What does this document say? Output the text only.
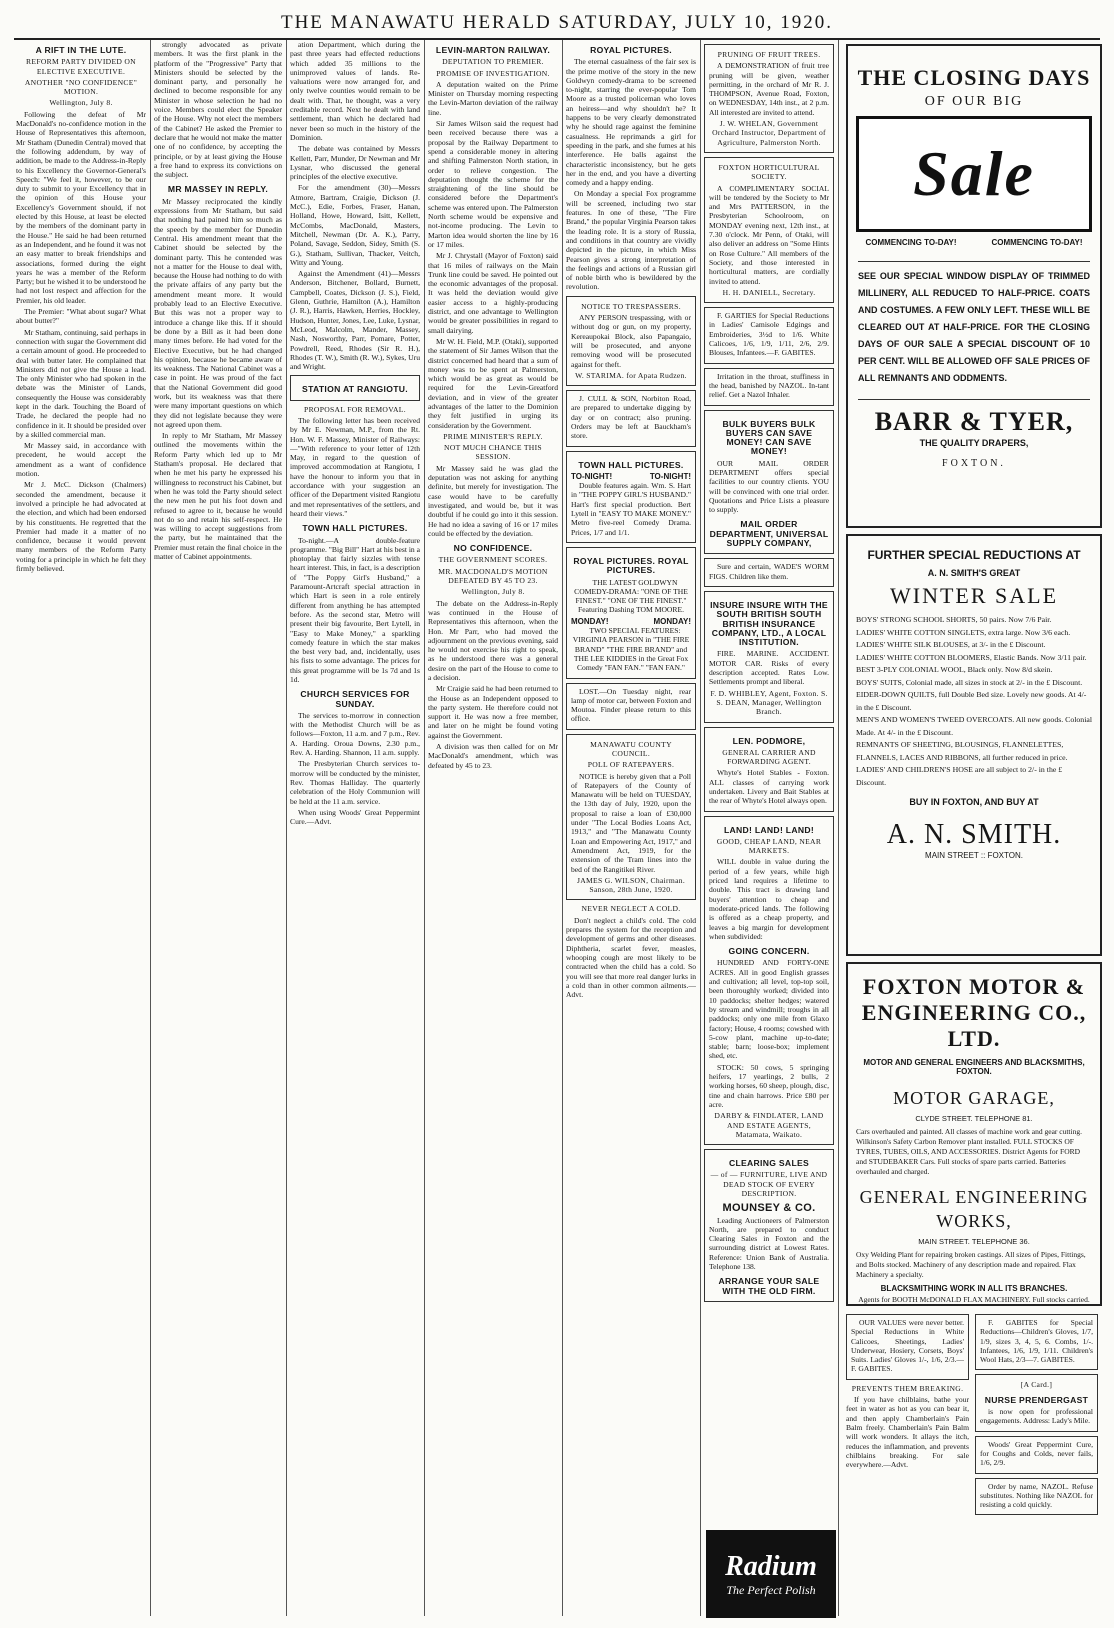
THE MANAWATU HERALD SATURDAY, JULY 10, 1920.
A RIFT IN THE LUTE.
REFORM PARTY DIVIDED ON ELECTIVE EXECUTIVE.
ANOTHER "NO CONFIDENCE" MOTION.
Wellington, July 8.

Following the defeat of Mr MacDonald's no-confidence motion in the House of Representatives this afternoon, Mr Statham (Dunedin Central) moved that the following addendum, by way of addition, be made to the Address-in-Reply to his Excellency the Governor-General's Speech: "We feel it, however, to be our duty to submit to your Excellency that in the opinion of this House your Excellency's Government should, if not elected by this House, at least be elected by the members of the dominant party in the House." He said he had been returned as an Independent, and he found it was not an easy matter to break friendships and associations, formed during the eight years he was a member of the Reform Party; but he wished it to be understood he had not lost respect and affection for the Premier, his old leader.

The Premier: "What about sugar? What about butter?"

Mr Statham, continuing, said perhaps in connection with sugar the Government did a certain amount of good. He proceeded to deal with butter later. He complained that Ministers did not give the House a lead. The only Minister who had spoken in the debate was the Minister of Lands, consequently the House was considerably kept in the dark. Touching the Board of Trade, he declared the people had no confidence in it. It should be presided over by a skilled commercial man.

Mr Massey said, in accordance with precedent, he would accept the amendment as a want of confidence motion.

Mr J. McC. Dickson (Chalmers) seconded the amendment, because it involved a principle he had advocated at the election, and which had been endorsed by his constituents. He regretted that the Premier had made it a matter of no confidence, because it would prevent many members of the Reform Party voting for a principle in which he felt they firmly believed.

strongly advocated as private members. It was the first plank in the platform of the "Progressive" Party that Ministers should be selected by the dominant party, and personally he declined to become responsible for any Minister in whose selection he had no voice. Members could elect the Speaker of the House. Why not elect the members of the Cabinet? He asked the Premier to declare that he would not make the matter one of no confidence, by accepting the principle, or by at least giving the House a free hand to express its convictions on the subject.

MR MASSEY IN REPLY.

Mr Massey reciprocated the kindly expressions from Mr Statham, but said that nothing had pained him so much as the speech by the member for Dunedin Central. His amendment meant that the Cabinet should be selected by the dominant party. This he contended was not a matter for the House to deal with, because the House had nothing to do with the private affairs of any party but the amendment meant more. It would probably lead to an Elective Executive. But this was not a proper way to introduce a change like this. If it should be done by a Bill as it had been done many times before. He had voted for the Elective Executive, but he had changed his opinion, because he became aware of its weakness. The National Cabinet was a case in point. He was proud of the fact that the National Government did good work, but its weakness was that there were many important questions on which they did not legislate because they were not agreed upon them.

In reply to Mr Statham, Mr Massey outlined the movements within the Reform Party which led up to Mr Statham's proposal. He declared that when he met his party he expressed his willingness to reconstruct his Cabinet, but when he was told the Party should select the new men he put his foot down and refused to agree to it, because he would not do so and retain his self-respect. He was willing to accept suggestions from the party, but he maintained that the Premier must retain the final choice in the matter of Cabinet appointments.

ation Department, which during the past three years had effected reductions which added 35 millions to the unimproved values of lands. Re-valuations were now arranged for, and only twelve counties would remain to be dealt with. That, he thought, was a very creditable record. Next he dealt with land settlement, than which he declared had never been so much in the history of the Dominion.

The debate was contained by Messrs Kellett, Parr, Munder, Dr Newman and Mr Lysnar, who discussed the general principles of the elective executive.

For the amendment (30)—Messrs Atmore, Bartram, Craigie, Dickson (J. McC.), Edie, Forbes, Fraser, Hanan, Holland, Howe, Howard, Isitt, Kellett, McCombs, MacDonald, Masters, Mitchell, Newman (Dr. A. K.), Parry, Poland, Savage, Seddon, Sidey, Smith (S. G.), Statham, Sullivan, Thacker, Veitch, Witty and Young.

Against the Amendment (41)—Messrs Anderson, Bitchener, Bollard, Burnett, Campbell, Coates, Dickson (J. S.), Field, Glenn, Guthrie, Hamilton (A.), Hamilton (J. R.), Harris, Hawken, Herries, Hockley, Hudson, Hunter, Jones, Lee, Luke, Lysnar, McLeod, Malcolm, Mander, Massey, Nash, Nosworthy, Parr, Pomare, Potter, Powdrell, Reed, Rhodes (Sir R. H.), Rhodes (T. W.), Smith (R. W.), Sykes, Uru and Wright.

STATION AT RANGIOTU.
PROPOSAL FOR REMOVAL.

The following letter has been received by Mr E. Newman, M.P., from the Rt. Hon. W. F. Massey, Minister of Railways:—"With reference to your letter of 12th May, in regard to the question of improved accommodation at Rangiotu, I have the honour to inform you that in accordance with your suggestion an officer of the Department visited Rangiotu and met representatives of the settlers, and heard their views."

TOWN HALL PICTURES.

To-night.—A double-feature programme. "Big Bill" Hart at his best in a photoplay that fairly sizzles with tense heart interest. This, in fact, is a description of "The Poppy Girl's Husband," a Paramount-Artcraft special attraction in which Hart is seen in a role entirely different from anything he has attempted before. As the second star, Metro will present their big favourite, Bert Lytell, in "Easy to Make Money," a sparkling comedy feature in which the star makes the best very bad, and, incidentally, uses his fists to some advantage. The prices for this great programme will be 1s 7d and 1s 1d.

CHURCH SERVICES FOR SUNDAY.

The services to-morrow in connection with the Methodist Church will be as follows—Foxton, 11 a.m. and 7 p.m., Rev. A. Harding. Oroua Downs, 2.30 p.m., Rev. A. Harding. Shannon, 11 a.m. supply.

The Presbyterian Church services to-morrow will be conducted by the minister, Rev. Thomas Halliday. The quarterly celebration of the Holy Communion will be held at the 11 a.m. service.

When using Woods' Great Peppermint Cure.—Advt.

LEVIN-MARTON RAILWAY.
DEPUTATION TO PREMIER.
PROMISE OF INVESTIGATION.

A deputation waited on the Prime Minister on Thursday morning respecting the Levin-Marton deviation of the railway line.

Sir James Wilson said the request had been received because there was a proposal by the Railway Department to spend a considerable money in altering and shifting Palmerston North station, in order to relieve congestion. The deputation thought the scheme for the straightening of the line should be considered before the Department's scheme was entered upon. The Palmerston North scheme would be expensive and not-income producing. The Levin to Marton idea would shorten the line by 16 or 17 miles.

Mr J. Chrystall (Mayor of Foxton) said that 16 miles of railways on the Main Trunk line could be saved. He pointed out the economic advantages of the proposal. It was held the deviation would give easier access to a highly-producing district, and one advantage to Wellington would be greater possibilities in regard to small dairying.

Mr W. H. Field, M.P. (Otaki), supported the statement of Sir James Wilson that the district concerned had heard that a sum of money was to be spent at Palmerston, which would be as great as would be required for the Levin-Greatford deviation, and in view of the greater advantages of the latter to the Dominion they felt justified in urging its consideration by the Government.

PRIME MINISTER'S REPLY.
NOT MUCH CHANCE THIS SESSION.

Mr Massey said he was glad the deputation was not asking for anything definite, but merely for investigation. The case would have to be carefully investigated, and would be, but it was doubtful if he could go into it this session. He had no idea a saving of 16 or 17 miles could be effected by the deviation.

NO CONFIDENCE.
THE GOVERNMENT SCORES.
MR. MACDONALD'S MOTION DEFEATED BY 45 TO 23.
Wellington, July 8.

The debate on the Address-in-Reply was continued in the House of Representatives this afternoon, when the Hon. Mr Parr, who had moved the adjournment on the previous evening, said he would not exercise his right to speak, as he understood there was a general desire on the part of the House to come to a decision.

Mr Craigie said he had been returned to the House as an Independent opposed to the party system. He therefore could not support it. He was now a free member, and later on he might be found voting against the Government.

A division was then called for on Mr MacDonald's amendment, which was defeated by 45 to 23.

ROYAL PICTURES.

The eternal casualness of the fair sex is the prime motive of the story in the new Goldwyn comedy-drama to be screened to-night, starring the ever-popular Tom Moore as a trusted policeman who loves an heiress—and why shouldn't he? It happens to be very clearly demonstrated why he should rage against the feminine casualness. He reprimands a girl for speeding in the park, and she fumes at his interference. He balls against the characteristic inconsistency, but he gets her in the end, and you have a diverting comedy and a happy ending.

On Monday a special Fox programme will be screened, including two star features. In one of these, "The Fire Brand," the popular Virginia Pearson takes the leading role. It is a story of Russia, and conditions in that country are vividly depicted in the picture, in which Miss Pearson gives a strong interpretation of the feelings and actions of a Russian girl of noble birth who is bewildered by the revolution.

NOTICE TO TRESPASSERS.

ANY PERSON trespassing, with or without dog or gun, on my property, Kereaupokai Block, also Papangaio, will be prosecuted, and anyone removing wood will be prosecuted against for theft.

W. STARIMA. for Apata Rudzen.

J. CULL & SON, Norbiton Road, are prepared to undertake digging by day or on contract; also pruning. Orders may be left at Bauckham's store.

TOWN HALL PICTURES.
TO-NIGHT!	TO-NIGHT!

Double features again. Wm. S. Hart in "THE POPPY GIRL'S HUSBAND." Hart's first special production. Bert Lytell in "EASY TO MAKE MONEY." Metro five-reel Comedy Drama. Prices, 1/7 and 1/1.

ROYAL PICTURES. ROYAL PICTURES.

THE LATEST GOLDWYN COMEDY-DRAMA: "ONE OF THE FINEST." "ONE OF THE FINEST." Featuring Dashing TOM MOORE.

MONDAY!	MONDAY!

TWO SPECIAL FEATURES: VIRGINIA PEARSON in "THE FIRE BRAND" "THE FIRE BRAND" and THE LEE KIDDIES in the Great Fox Comedy "FAN FAN." "FAN FAN."

LOST.—On Tuesday night, rear lamp of motor car, between Foxton and Moutoa. Finder please return to this office.

MANAWATU COUNTY COUNCIL.
POLL OF RATEPAYERS.

NOTICE is hereby given that a Poll of Ratepayers of the County of Manawatu will be held on TUESDAY, the 13th day of July, 1920, upon the proposal to raise a loan of £30,000 under "The Local Bodies Loans Act, 1913," and "The Manawatu County Loan and Empowering Act, 1917," and Amendment Act, 1919, for the extension of the Tram lines into the bed of the Rangitikei River.

JAMES G. WILSON, Chairman. Sanson, 28th June, 1920.
NEVER NEGLECT A COLD.

Don't neglect a child's cold. The cold prepares the system for the reception and development of germs and other diseases. Diphtheria, scarlet fever, measles, whooping cough are most likely to be contracted when the child has a cold. So you will see that more real danger lurks in a cold than in other common ailments.—Advt.

PRUNING OF FRUIT TREES.

A DEMONSTRATION of fruit tree pruning will be given, weather permitting, in the orchard of Mr R. J. THOMPSON, Avenue Road, Foxton, on WEDNESDAY, 14th inst., at 2 p.m. All interested are invited to attend.

J. W. WHELAN, Government Orchard Instructor, Department of Agriculture, Palmerston North.
FOXTON HORTICULTURAL SOCIETY.

A COMPLIMENTARY SOCIAL will be tendered by the Society to Mr and Mrs PATTERSON, in the Presbyterian Schoolroom, on MONDAY evening next, 12th inst., at 7.30 o'clock. Mr Penn, of Otaki, will also deliver an address on "Some Hints on Rose Culture." All members of the Society, and those interested in horticultural matters, are cordially invited to attend.

H. H. DANIELL, Secretary.

F. GARTIES for Special Reductions in Ladies' Camisole Edgings and Embroideries, 3½d to 1/6. White Calicoes, 1/6, 1/9, 1/11, 2/6, 2/9. Blouses, Infantees.—F. GABITES.

Irritation in the throat, stuffiness in the head, banished by NAZOL. In-tant relief. Get a Nazol Inhaler.

BULK BUYERS BULK BUYERS CAN SAVE MONEY! CAN SAVE MONEY!

OUR MAIL ORDER DEPARTMENT offers special facilities to our country clients. YOU will be convinced with one trial order. Quotations and Price Lists a pleasure to supply.

MAIL ORDER DEPARTMENT, UNIVERSAL SUPPLY COMPANY,

Sure and certain, WADE'S WORM FIGS. Children like them.

INSURE INSURE WITH THE SOUTH BRITISH SOUTH BRITISH INSURANCE COMPANY, LTD., A LOCAL INSTITUTION.

FIRE. MARINE. ACCIDENT. MOTOR CAR. Risks of every description accepted. Rates Low. Settlements prompt and liberal.

F. D. WHIBLEY, Agent, Foxton. S. S. DEAN, Manager, Wellington Branch.
LEN. PODMORE,
GENERAL CARRIER AND FORWARDING AGENT.

Whyte's Hotel Stables - Foxton. ALL classes of carrying work undertaken. Livery and Bait Stables at the rear of Whyte's Hotel always open.

LAND! LAND! LAND!
GOOD, CHEAP LAND, NEAR MARKETS.

WILL double in value during the period of a few years, while high priced land requires a lifetime to double. This tract is drawing land buyers' attention to cheap and moderate-priced lands. The following is offered as a cheap property, and leaves a big margin for development when subdivided:

GOING CONCERN.

HUNDRED AND FORTY-ONE ACRES. All in good English grasses and cultivation; all level, top-top soil, been thoroughly worked; divided into 10 paddocks; shelter hedges; watered by stream and windmill; troughs in all paddocks; only one mile from Glaxo factory; House, 4 rooms; cowshed with 5-cow plant, machine up-to-date; stable; barn; loose-box; implement shed, etc.

STOCK: 50 cows, 5 springing heifers, 17 yearlings, 2 bulls, 2 working horses, 60 sheep, plough, disc, tine and chain harrows. Price £80 per acre.

DARBY & FINDLATER, LAND AND ESTATE AGENTS, Matamata, Waikato.
CLEARING SALES
— of — FURNITURE, LIVE AND DEAD STOCK OF EVERY DESCRIPTION.
MOUNSEY & CO.

Leading Auctioneers of Palmerston North, are prepared to conduct Clearing Sales in Foxton and the surrounding district at Lowest Rates. Reference: Union Bank of Australia. Telephone 138.

ARRANGE YOUR SALE WITH THE OLD FIRM.
Radium
The Perfect Polish
THE CLOSING DAYS
OF OUR BIG
Sale
COMMENCING TO-DAY!	COMMENCING TO-DAY!
SEE OUR SPECIAL WINDOW DISPLAY OF TRIMMED MILLINERY, ALL REDUCED TO HALF-PRICE. COATS AND COSTUMES. A FEW ONLY LEFT. THESE WILL BE CLEARED OUT AT HALF-PRICE. FOR THE CLOSING DAYS OF OUR SALE A SPECIAL DISCOUNT OF 10 PER CENT. WILL BE ALLOWED OFF SALE PRICES OF ALL REMNANTS AND ODDMENTS.
BARR & TYER,
THE QUALITY DRAPERS,
FOXTON.
FURTHER SPECIAL REDUCTIONS AT
A. N. SMITH'S GREAT
WINTER SALE
BOYS' STRONG SCHOOL SHORTS, 50 pairs. Now 7/6 Pair.
LADIES' WHITE COTTON SINGLETS, extra large. Now 3/6 each.
LADIES' WHITE SILK BLOUSES, at 3/- in the £ Discount.
LADIES' WHITE COTTON BLOOMERS, Elastic Bands. Now 3/11 pair.
BEST 3-PLY COLONIAL WOOL, Black only. Now 8/d skein.
BOYS' SUITS, Colonial made, all sizes in stock at 2/- in the £ Discount.
EIDER-DOWN QUILTS, full Double Bed size. Lovely new goods. At 4/- in the £ Discount.
MEN'S AND WOMEN'S TWEED OVERCOATS. All new goods. Colonial Made. At 4/- in the £ Discount.
REMNANTS OF SHEETING, BLOUSINGS, FLANNELETTES, FLANNELS, LACES AND RIBBONS, all further reduced in price.
LADIES' AND CHILDREN'S HOSE are all subject to 2/- in the £ Discount.
BUY IN FOXTON, AND BUY AT
A. N. SMITH.
MAIN STREET :: FOXTON.
FOXTON MOTOR & ENGINEERING CO., LTD.
MOTOR AND GENERAL ENGINEERS AND BLACKSMITHS, FOXTON.
MOTOR GARAGE,
CLYDE STREET. TELEPHONE 81.
Cars overhauled and painted. All classes of machine work and gear cutting. Wilkinson's Safety Carbon Remover plant installed. FULL STOCKS OF TYRES, TUBES, OILS, AND ACCESSORIES. District Agents for FORD and STUDEBAKER Cars. Full stocks of spare parts carried. Batteries overhauled and charged.
GENERAL ENGINEERING WORKS,
MAIN STREET. TELEPHONE 36.
Oxy Welding Plant for repairing broken castings. All sizes of Pipes, Fittings, and Bolts stocked. Machinery of any description made and repaired. Flax Machinery a specialty.
BLACKSMITHING WORK IN ALL ITS BRANCHES.
Agents for BOOTH McDONALD FLAX MACHINERY. Full stocks carried.

OUR VALUES were never better. Special Reductions in White Calicoes, Sheetings, Ladies' Underwear, Hosiery, Corsets, Boys' Suits. Ladies' Gloves 1/-, 1/6, 2/3.—F. GABITES.

PREVENTS THEM BREAKING.

If you have chilblains, bathe your feet in water as hot as you can bear it, and then apply Chamberlain's Pain Balm freely. Chamberlain's Pain Balm will work wonders. It allays the itch, reduces the inflammation, and prevents chilblains breaking. For sale everywhere.—Advt.

F. GABITES for Special Reductions—Children's Gloves, 1/7, 1/9, sizes 3, 4, 5, 6. Combs, 1/-. Infantees, 1/6, 1/9, 1/11. Children's Wool Hats, 2/3—7. GABITES.

[A Card.]
NURSE PRENDERGAST

is now open for professional engagements. Address: Lady's Mile.

Woods' Great Peppermint Cure, for Coughs and Colds, never fails, 1/6, 2/9.

Order by name, NAZOL. Refuse substitutes. Nothing like NAZOL for resisting a cold quickly.
